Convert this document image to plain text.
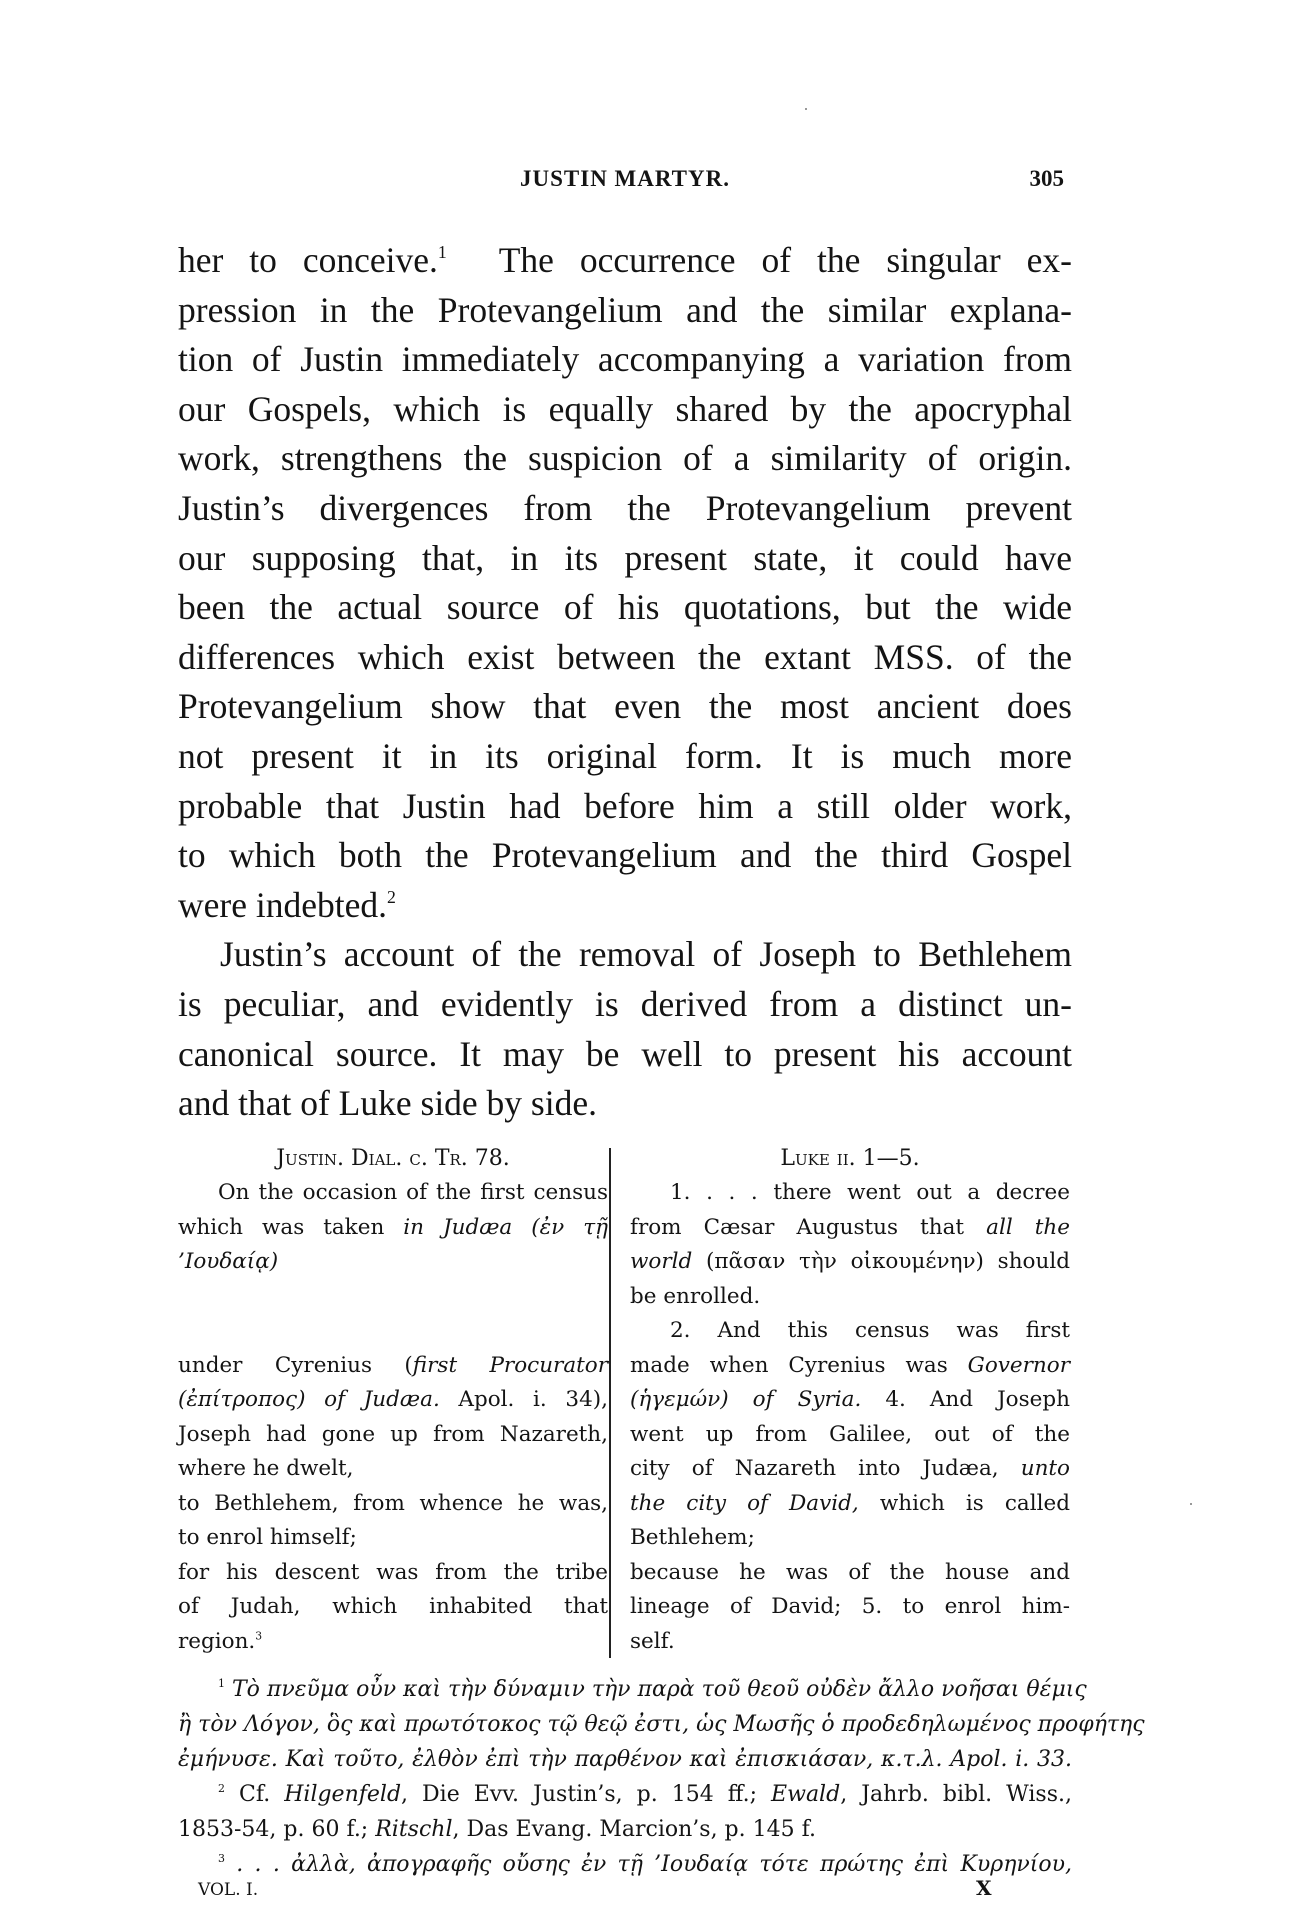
JUSTIN MARTYR.	305
her to conceive.$^1$ The occurrence of the singular ex-
pression in the Protevangelium and the similar explana-
tion of Justin immediately accompanying a variation from
our Gospels, which is equally shared by the apocryphal
work, strengthens the suspicion of a similarity of origin.
Justin’s divergences from the Protevangelium prevent
our supposing that, in its present state, it could have
been the actual source of his quotations, but the wide
differences which exist between the extant MSS. of the
Protevangelium show that even the most ancient does
not present it in its original form. It is much more
probable that Justin had before him a still older work,
to which both the Protevangelium and the third Gospel
were indebted.$^2$
Justin’s account of the removal of Joseph to Bethlehem
is peculiar, and evidently is derived from a distinct un-
canonical source. It may be well to present his account
and that of Luke side by side.
Justin. Dial. c. Tr. 78.
On the occasion of the first census
which was taken in Judæa (ἐν τῇ
’Ιουδαίᾳ)
under Cyrenius (first Procurator
(ἐπίτροπος) of Judæa. Apol. i. 34),
Joseph had gone up from Nazareth,
where he dwelt,
to Bethlehem, from whence he was,
to enrol himself;
for his descent was from the tribe
of Judah, which inhabited that
region.$^3$
Luke ii. 1—5.
1. . . . there went out a decree
from Cæsar Augustus that all the
world (πᾶσαν τὴν οἰκουμένην) should
be enrolled.
2. And this census was first
made when Cyrenius was Governor
(ἡγεμών) of Syria. 4. And Joseph
went up from Galilee, out of the
city of Nazareth into Judæa, unto
the city of David, which is called
Bethlehem;
because he was of the house and
lineage of David; 5. to enrol him-
self.
$^1$ Τὸ πνεῦμα οὖν καὶ τὴν δύναμιν τὴν παρὰ τοῦ θεοῦ οὐδὲν ἄλλο νοῆσαι θέμις
ἢ τὸν Λόγον, ὃς καὶ πρωτότοκος τῷ θεῷ ἐστι, ὡς Μωσῆς ὁ προδεδηλωμένος προφήτης
ἐμήνυσε. Καὶ τοῦτο, ἐλθὸν ἐπὶ τὴν παρθένον καὶ ἐπισκιάσαν, κ.τ.λ. Apol. i. 33.
$^2$ Cf. Hilgenfeld, Die Evv. Justin’s, p. 154 ff.; Ewald, Jahrb. bibl. Wiss.,
1853-54, p. 60 f.; Ritschl, Das Evang. Marcion’s, p. 145 f.
$^3$ . . . ἀλλὰ, ἀπογραφῆς οὔσης ἐν τῇ ’Ιουδαίᾳ τότε πρώτης ἐπὶ Κυρηνίου,
VOL. I.	X
